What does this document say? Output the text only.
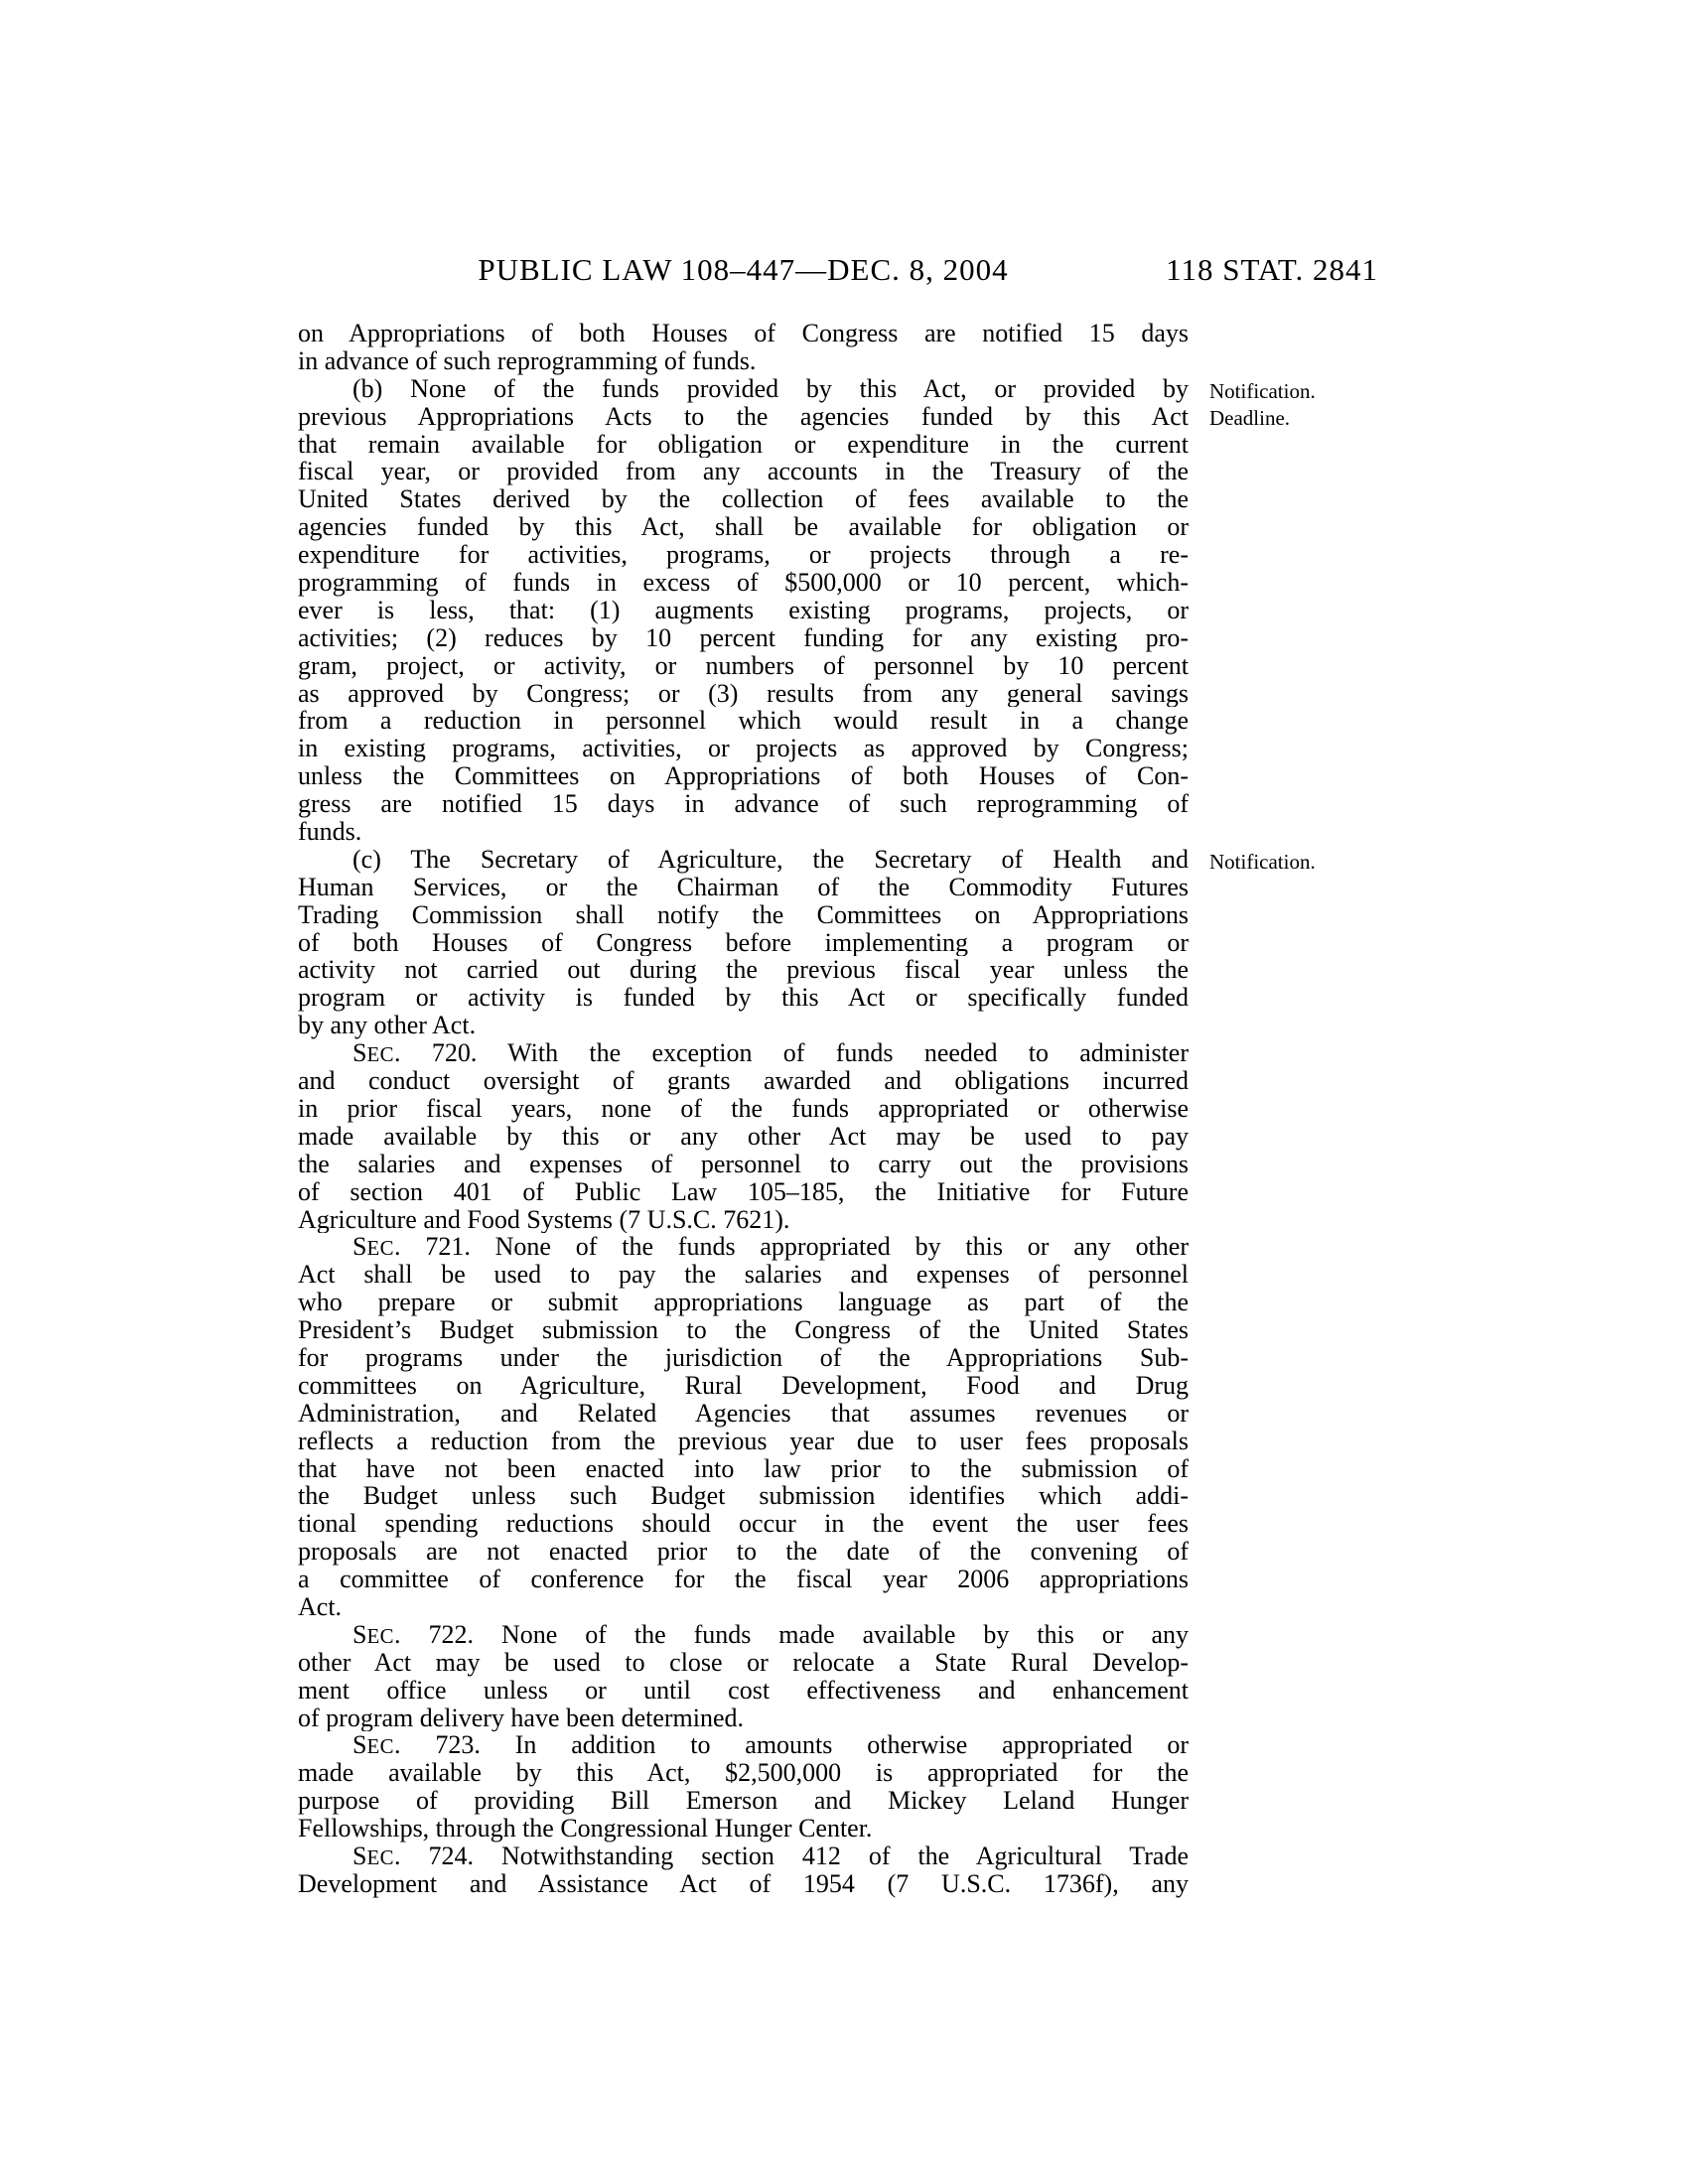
PUBLIC LAW 108–447—DEC. 8, 2004	118 STAT. 2841
on Appropriations of both Houses of Congress are notified 15 days
in advance of such reprogramming of funds.
(b) None of the funds provided by this Act, or provided by
previous Appropriations Acts to the agencies funded by this Act
that remain available for obligation or expenditure in the current
fiscal year, or provided from any accounts in the Treasury of the
United States derived by the collection of fees available to the
agencies funded by this Act, shall be available for obligation or
expenditure for activities, programs, or projects through a re-
programming of funds in excess of $500,000 or 10 percent, which-
ever is less, that: (1) augments existing programs, projects, or
activities; (2) reduces by 10 percent funding for any existing pro-
gram, project, or activity, or numbers of personnel by 10 percent
as approved by Congress; or (3) results from any general savings
from a reduction in personnel which would result in a change
in existing programs, activities, or projects as approved by Congress;
unless the Committees on Appropriations of both Houses of Con-
gress are notified 15 days in advance of such reprogramming of
funds.
(c) The Secretary of Agriculture, the Secretary of Health and
Human Services, or the Chairman of the Commodity Futures
Trading Commission shall notify the Committees on Appropriations
of both Houses of Congress before implementing a program or
activity not carried out during the previous fiscal year unless the
program or activity is funded by this Act or specifically funded
by any other Act.
SEC. 720. With the exception of funds needed to administer
and conduct oversight of grants awarded and obligations incurred
in prior fiscal years, none of the funds appropriated or otherwise
made available by this or any other Act may be used to pay
the salaries and expenses of personnel to carry out the provisions
of section 401 of Public Law 105–185, the Initiative for Future
Agriculture and Food Systems (7 U.S.C. 7621).
SEC. 721. None of the funds appropriated by this or any other
Act shall be used to pay the salaries and expenses of personnel
who prepare or submit appropriations language as part of the
President’s Budget submission to the Congress of the United States
for programs under the jurisdiction of the Appropriations Sub-
committees on Agriculture, Rural Development, Food and Drug
Administration, and Related Agencies that assumes revenues or
reflects a reduction from the previous year due to user fees proposals
that have not been enacted into law prior to the submission of
the Budget unless such Budget submission identifies which addi-
tional spending reductions should occur in the event the user fees
proposals are not enacted prior to the date of the convening of
a committee of conference for the fiscal year 2006 appropriations
Act.
SEC. 722. None of the funds made available by this or any
other Act may be used to close or relocate a State Rural Develop-
ment office unless or until cost effectiveness and enhancement
of program delivery have been determined.
SEC. 723. In addition to amounts otherwise appropriated or
made available by this Act, $2,500,000 is appropriated for the
purpose of providing Bill Emerson and Mickey Leland Hunger
Fellowships, through the Congressional Hunger Center.
SEC. 724. Notwithstanding section 412 of the Agricultural Trade
Development and Assistance Act of 1954 (7 U.S.C. 1736f), any
Notification.
Deadline.
Notification.
